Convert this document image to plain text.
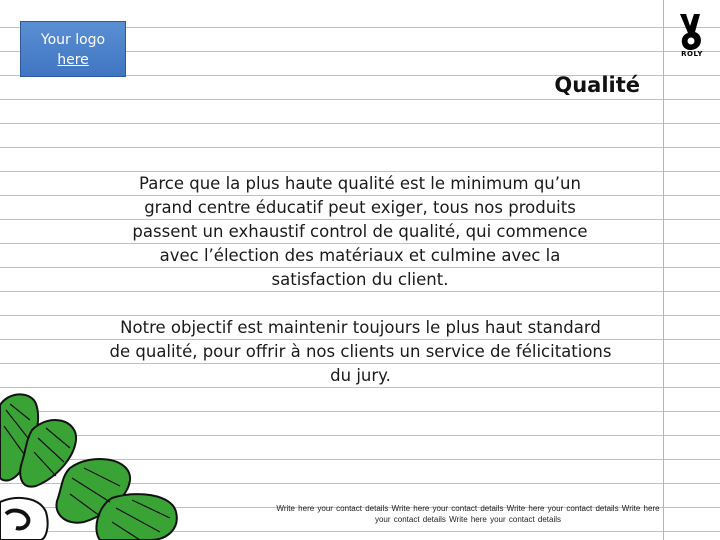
Your logo
here	ROLY
Qualité

Parce que la plus haute qualité est le minimum qu’un grand centre éducatif peut exiger, tous nos produits passent un exhaustif control de qualité, qui commence avec l’élection des matériaux et culmine avec la satisfaction du client.

Notre objectif est maintenir toujours le plus haut standard de qualité, pour offrir à nos clients un service de félicitations du jury.

Write here your contact details Write here your contact details Write here your contact details Write here
your contact details Write here your contact details
